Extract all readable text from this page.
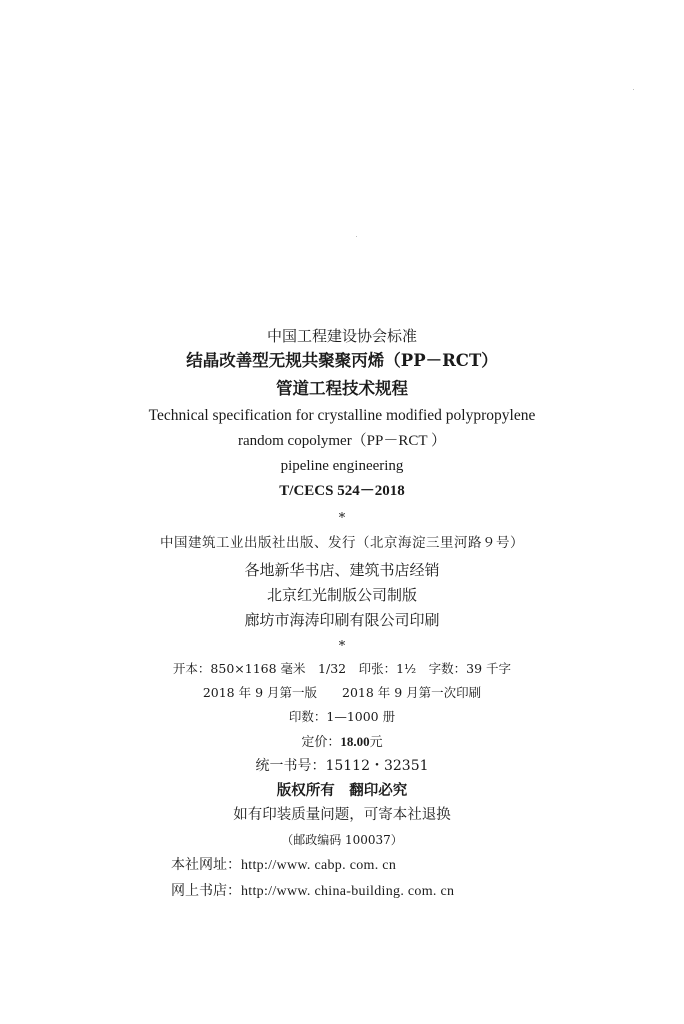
中国工程建设协会标准
结晶改善型无规共聚聚丙烯（PP－RCT）
管道工程技术规程
Technical specification for crystalline modified polypropylene
random copolymer（PP－RCT ）
pipeline engineering
T/CECS 524－2018
*
中国建筑工业出版社出版、发行（北京海淀三里河路９号）
各地新华书店、建筑书店经销
北京红光制版公司制版
廊坊市海涛印刷有限公司印刷
*
开本：850×1168 毫米　1/32　印张：1½　字数：39 千字
2018 年 9 月第一版　　2018 年 9 月第一次印刷
印数：1—1000 册
定价：18.00元
统一书号：15112・32351
版权所有　翻印必究
如有印装质量问题，可寄本社退换
（邮政编码 100037）
本社网址：http://www. cabp. com. cn
网上书店：http://www. china-building. com. cn
